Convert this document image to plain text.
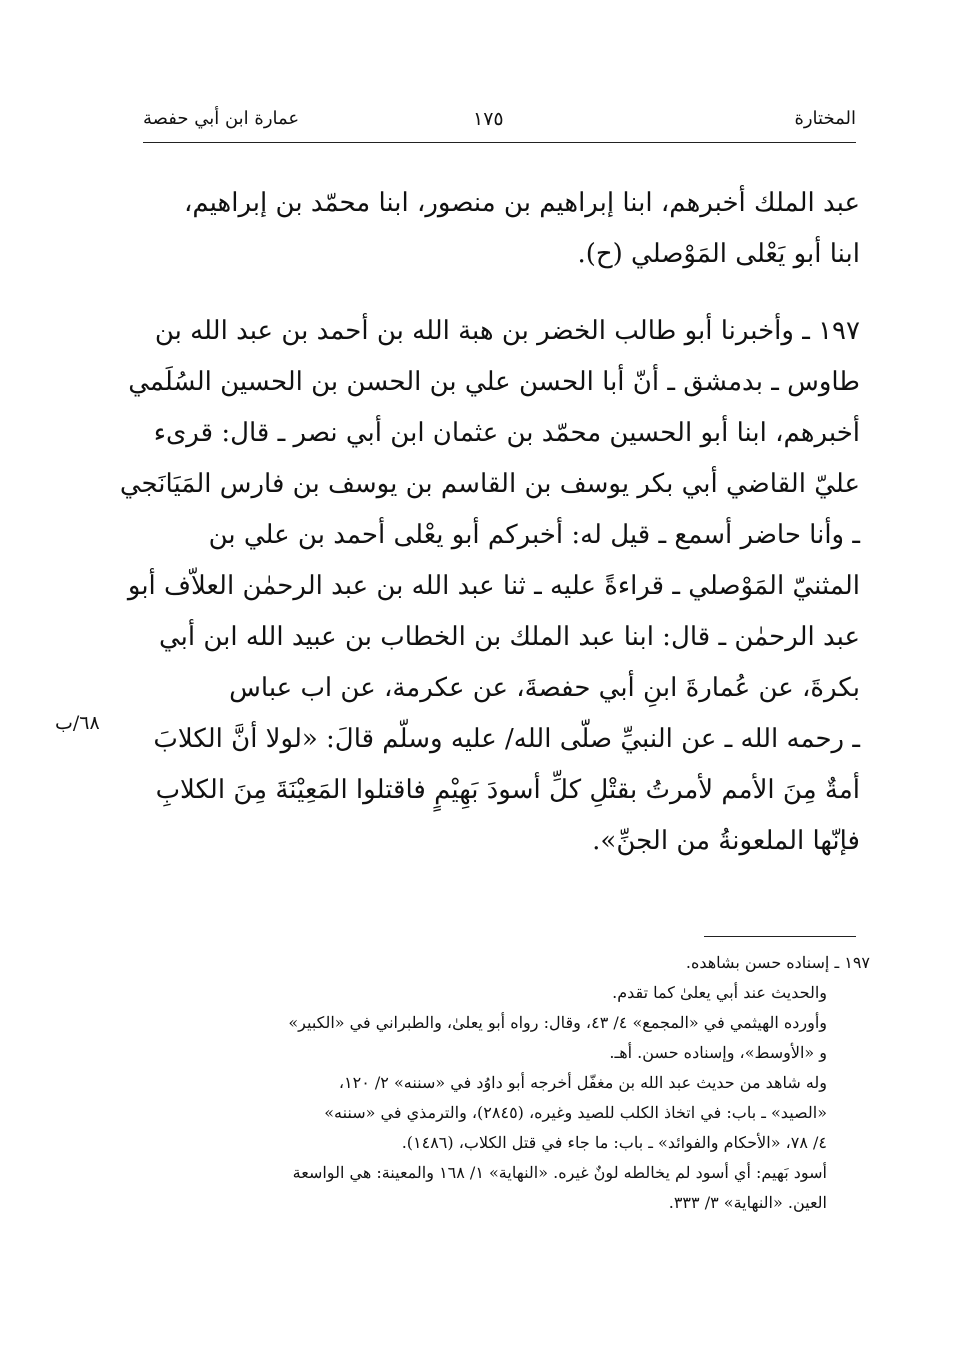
المختارة
١٧٥
عمارة ابن أبي حفصة
عبد الملك أخبرهم، ابنا إبراهيم بن منصور، ابنا محمّد بن إبراهيم،
ابنا أبو يَعْلى المَوْصلي (ح).
١٩٧ ـ وأخبرنا أبو طالب الخضر بن هبة الله بن أحمد بن عبد الله بن
طاوس ـ بدمشق ـ أنّ أبا الحسن علي بن الحسن بن الحسين السُلَمي
أخبرهم، ابنا أبو الحسين محمّد بن عثمان ابن أبي نصر ـ قال: قرىء
عليّ القاضي أبي بكر يوسف بن القاسم بن يوسف بن فارس المَيَانَجي
ـ وأنا حاضر أسمع ـ قيل له: أخبركم أبو يعْلى أحمد بن علي بن
المثنيّ المَوْصلي ـ قراءةً عليه ـ ثنا عبد الله بن عبد الرحمٰن العلاّف أبو
عبد الرحمٰن ـ قال: ابنا عبد الملك بن الخطاب بن عبيد الله ابن أبي
بكرةَ، عن عُمارةَ ابنِ أبي حفصةَ، عن عكرمة، عن اب عباس
ـ رحمه الله ـ عن النبيِّ صلّى الله/ عليه وسلّم قالَ: «لولا أنَّ الكلابَ
أمةٌ مِنَ الأمم لأمرتُ بقتْلِ كلِّ أسودَ بَهِيْمٍ فاقتلوا المَعِيْنَةَ مِنَ الكلابِ
فإنّها الملعونةُ من الجنِّ».
٦٨/ب
١٩٧ ـ إسناده حسن بشاهده.
والحديث عند أبي يعلىٰ كما تقدم.
وأورده الهيثمي في «المجمع» ٤/ ٤٣، وقال: رواه أبو يعلىٰ، والطبراني في «الكبير»
و «الأوسط»، وإسناده حسن. أهـ.
وله شاهد من حديث عبد الله بن مغفّل أخرجه أبو داوُد في «سننه» ٢/ ١٢٠،
«الصيد» ـ باب: في اتخاذ الكلب للصيد وغيره، (٢٨٤٥)، والترمذي في «سننه»
٤/ ٧٨، «الأحكام والفوائد» ـ باب: ما جاء في قتل الكلاب، (١٤٨٦).
أسود بَهيم: أي أسود لم يخالطه لونٌ غيره. «النهاية» ١/ ١٦٨ والمعينة: هي الواسعة
العين. «النهاية» ٣/ ٣٣٣.
